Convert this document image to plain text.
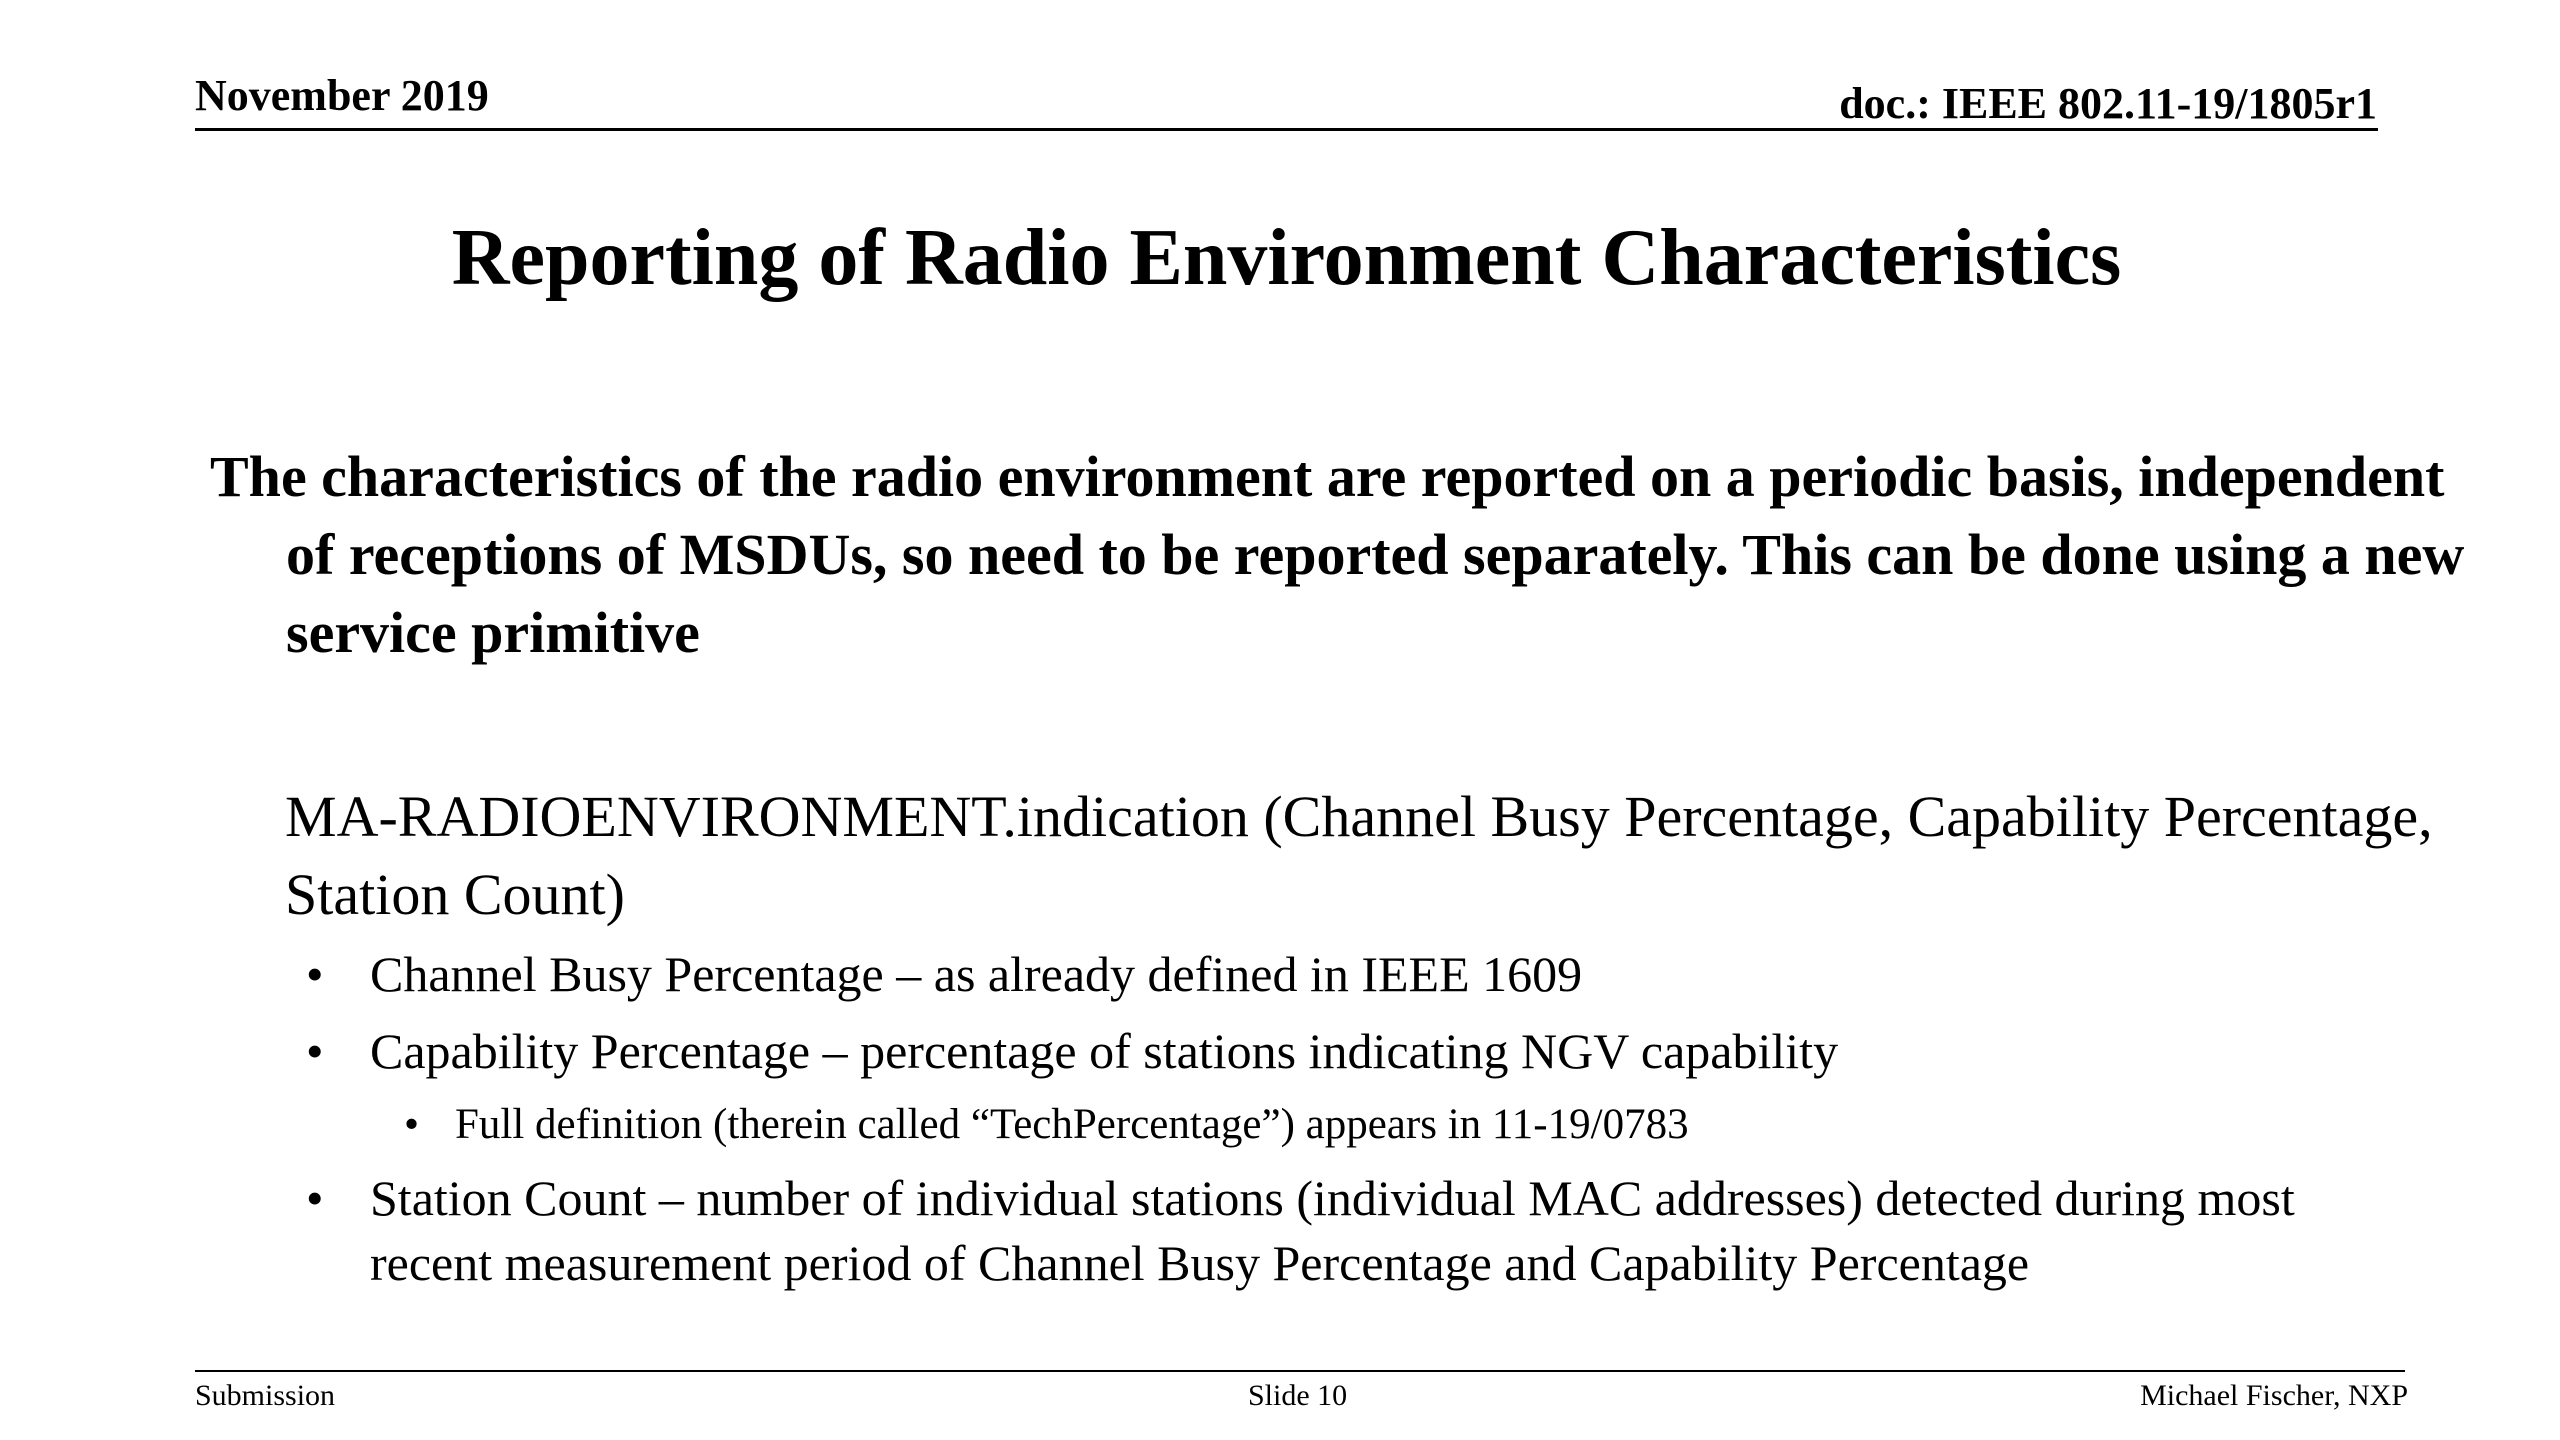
November 2019	doc.: IEEE 802.11-19/1805r1
Reporting of Radio Environment Characteristics
The characteristics of the radio environment are reported on a periodic basis, independent of receptions of MSDUs, so need to be reported separately. This can be done using a new service primitive
MA-RADIOENVIRONMENT.indication (Channel Busy Percentage, Capability Percentage, Station Count)
• Channel Busy Percentage – as already defined in IEEE 1609
• Capability Percentage – percentage of stations indicating NGV capability
• Full definition (therein called “TechPercentage”) appears in 11-19/0783
• Station Count – number of individual stations (individual MAC addresses) detected during most recent measurement period of Channel Busy Percentage and Capability Percentage
Submission	Slide 10	Michael Fischer, NXP
